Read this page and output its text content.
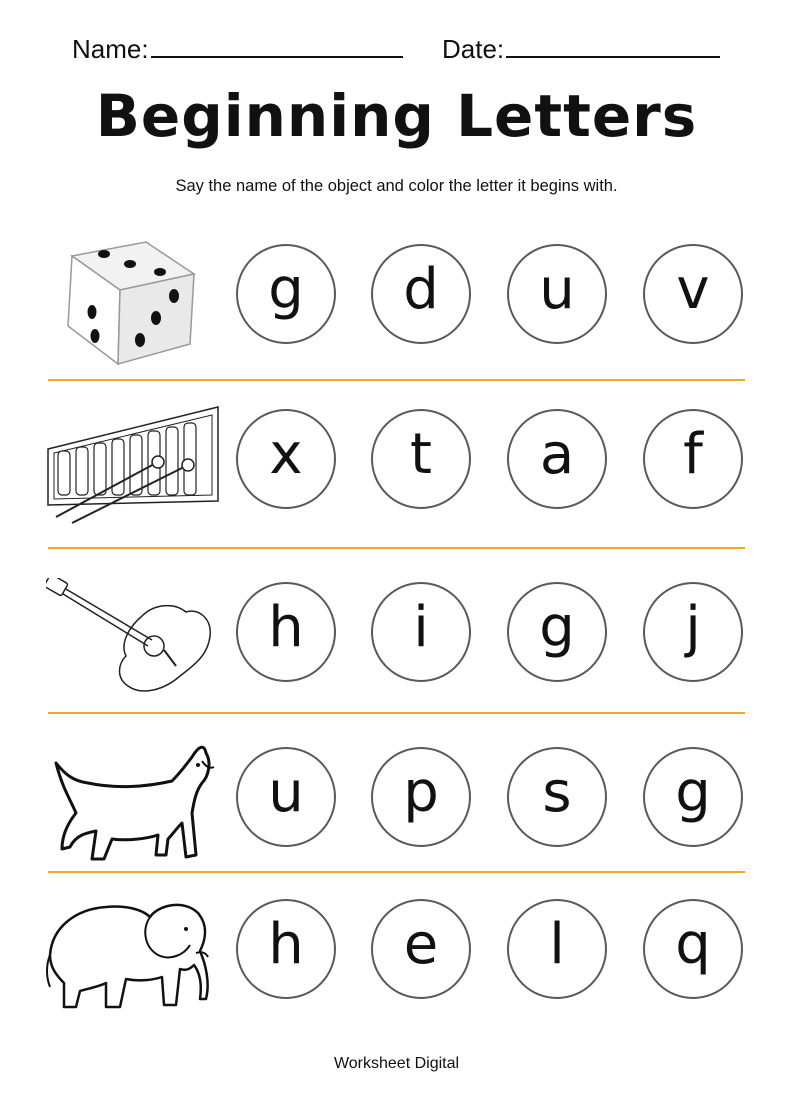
Name:	Date:
Beginning Letters
Say the name of the object and color the letter it begins with.
g	d	u	v
x	t	a	f
h	i	g	j
u	p	s	g
h	e	l	q
Worksheet Digital
